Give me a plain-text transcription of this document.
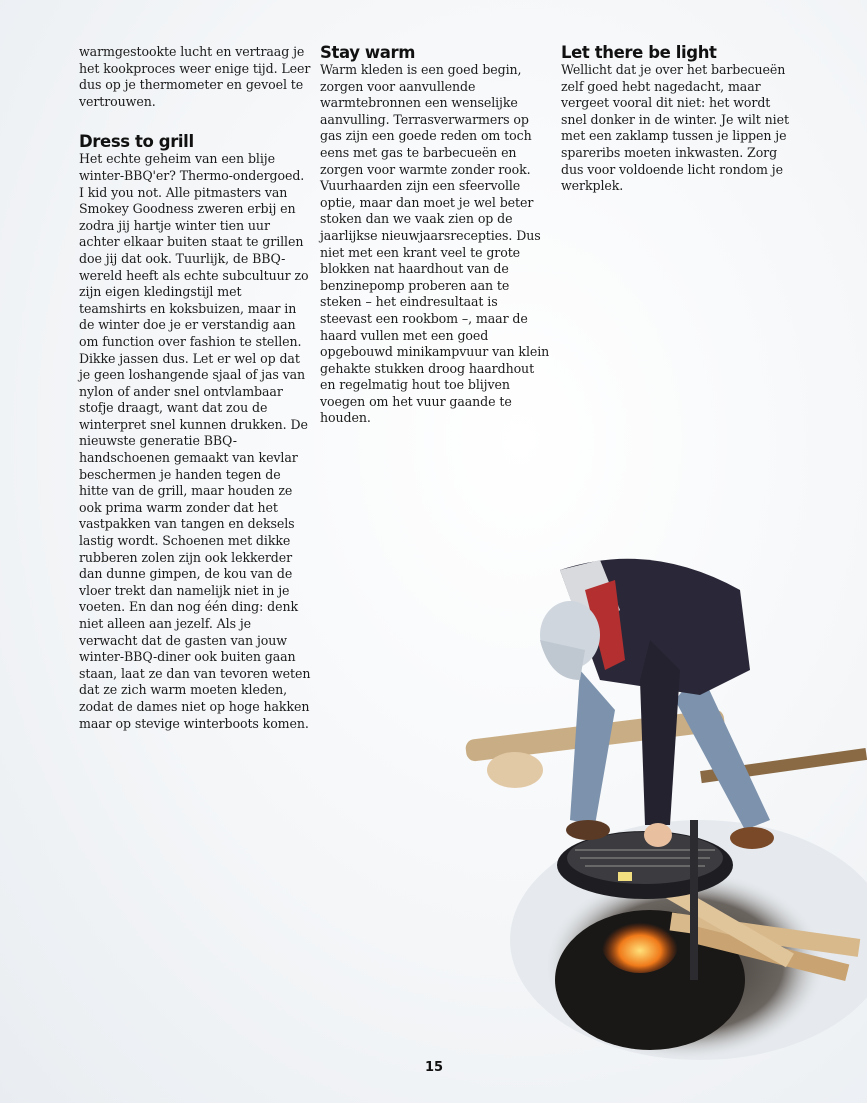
warmgestookte lucht en vertraag je het kookproces weer enige tijd. Leer dus op je thermometer en gevoel te vertrouwen.

Dress to grill

Het echte geheim van een blije winter-BBQ'er? Thermo-ondergoed. I kid you not. Alle pitmasters van Smokey Goodness zweren erbij en zodra jij hartje winter tien uur achter elkaar buiten staat te grillen doe jij dat ook. Tuurlijk, de BBQ-wereld heeft als echte subcultuur zo zijn eigen kledingstijl met teamshirts en koksbuizen, maar in de winter doe je er verstandig aan om function over fashion te stellen. Dikke jassen dus. Let er wel op dat je geen loshangende sjaal of jas van nylon of ander snel ontvlambaar stofje draagt, want dat zou de winterpret snel kunnen drukken. De nieuwste generatie BBQ-handschoenen gemaakt van kevlar beschermen je handen tegen de hitte van de grill, maar houden ze ook prima warm zonder dat het vastpakken van tangen en deksels lastig wordt. Schoenen met dikke rubberen zolen zijn ook lekkerder dan dunne gimpen, de kou van de vloer trekt dan namelijk niet in je voeten. En dan nog één ding: denk niet alleen aan jezelf. Als je verwacht dat de gasten van jouw winter-BBQ-diner ook buiten gaan staan, laat ze dan van tevoren weten dat ze zich warm moeten kleden, zodat de dames niet op hoge hakken maar op stevige winterboots komen.

Stay warm

Warm kleden is een goed begin, zorgen voor aanvullende warmtebronnen een wenselijke aanvulling. Terrasverwarmers op gas zijn een goede reden om toch eens met gas te barbecueën en zorgen voor warmte zonder rook. Vuurhaarden zijn een sfeervolle optie, maar dan moet je wel beter stoken dan we vaak zien op de jaarlijkse nieuwjaarsrecepties. Dus niet met een krant veel te grote blokken nat haardhout van de benzinepomp proberen aan te steken – het eindresultaat is steevast een rookbom –, maar de haard vullen met een goed opgebouwd minikampvuur van klein gehakte stukken droog haardhout en regelmatig hout toe blijven voegen om het vuur gaande te houden.

Let there be light

Wellicht dat je over het barbecueën zelf goed hebt nagedacht, maar vergeet vooral dit niet: het wordt snel donker in de winter. Je wilt niet met een zaklamp tussen je lippen je spareribs moeten inkwasten. Zorg dus voor voldoende licht rondom je werkplek.

15
